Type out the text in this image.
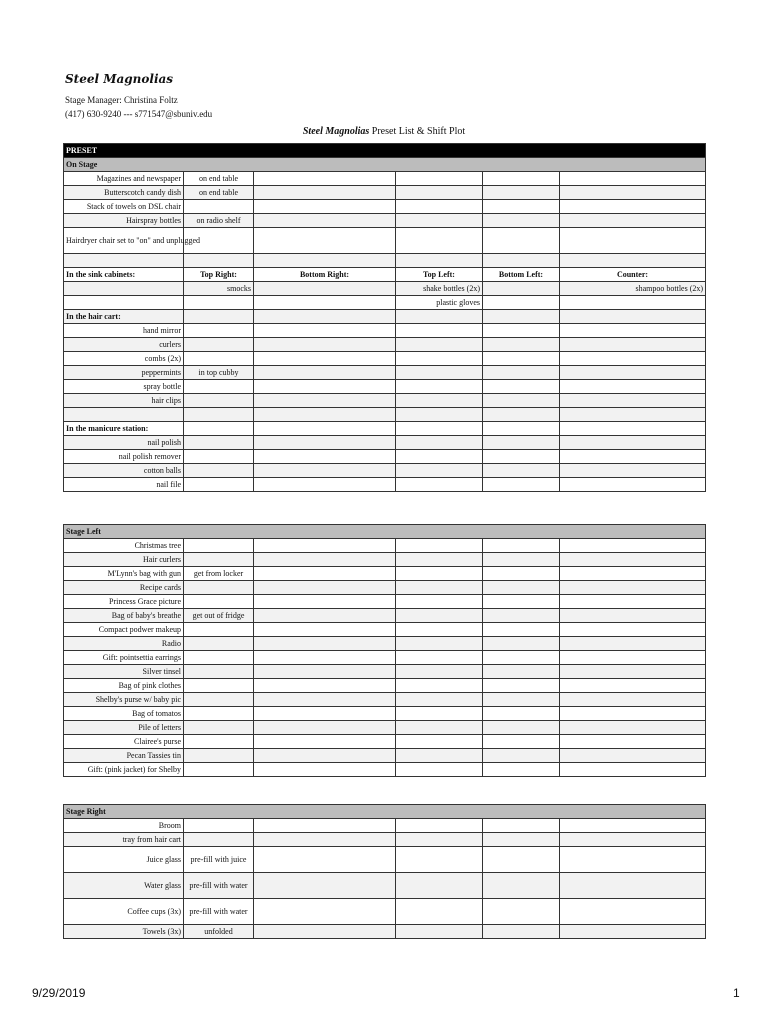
Steel Magnolias
Stage Manager: Christina Foltz
(417) 630-9240 --- s771547@sbuniv.edu
Steel Magnolias Preset List & Shift Plot
PRESET					
On Stage					
Magazines and newspaper	on end table				
Butterscotch candy dish	on end table				
Stack of towels on DSL chair					
Hairspray bottles	on radio shelf				
Hairdryer chair set to "on" and unplugged					

In the sink cabinets:	Top Right:	Bottom Right:	Top Left:	Bottom Left:	Counter:
	smocks		shake bottles (2x)		shampoo bottles (2x)
			plastic gloves		
In the hair cart:					
hand mirror					
curlers					
combs (2x)					
peppermints	in top cubby				
spray bottle					
hair clips					

In the manicure station:					
nail polish					
nail polish remover					
cotton balls					
nail file					
Stage Left					
Christmas tree					
Hair curlers					
M'Lynn's bag with gun	get from locker				
Recipe cards					
Princess Grace picture					
Bag of baby's breathe	get out of fridge				
Compact podwer makeup					
Radio					
Gift: pointsettia earrings					
Silver tinsel					
Bag of pink clothes					
Shelby's purse w/ baby pic					
Bag of tomatos					
Pile of letters					
Clairee's purse					
Pecan Tassies tin					
Gift: (pink jacket) for Shelby					
Stage Right					
Broom					
tray from hair cart					
Juice glass	pre-fill with juice				
Water glass	pre-fill with water				
Coffee cups (3x)	pre-fill with water				
Towels (3x)	unfolded				
9/29/2019	1
